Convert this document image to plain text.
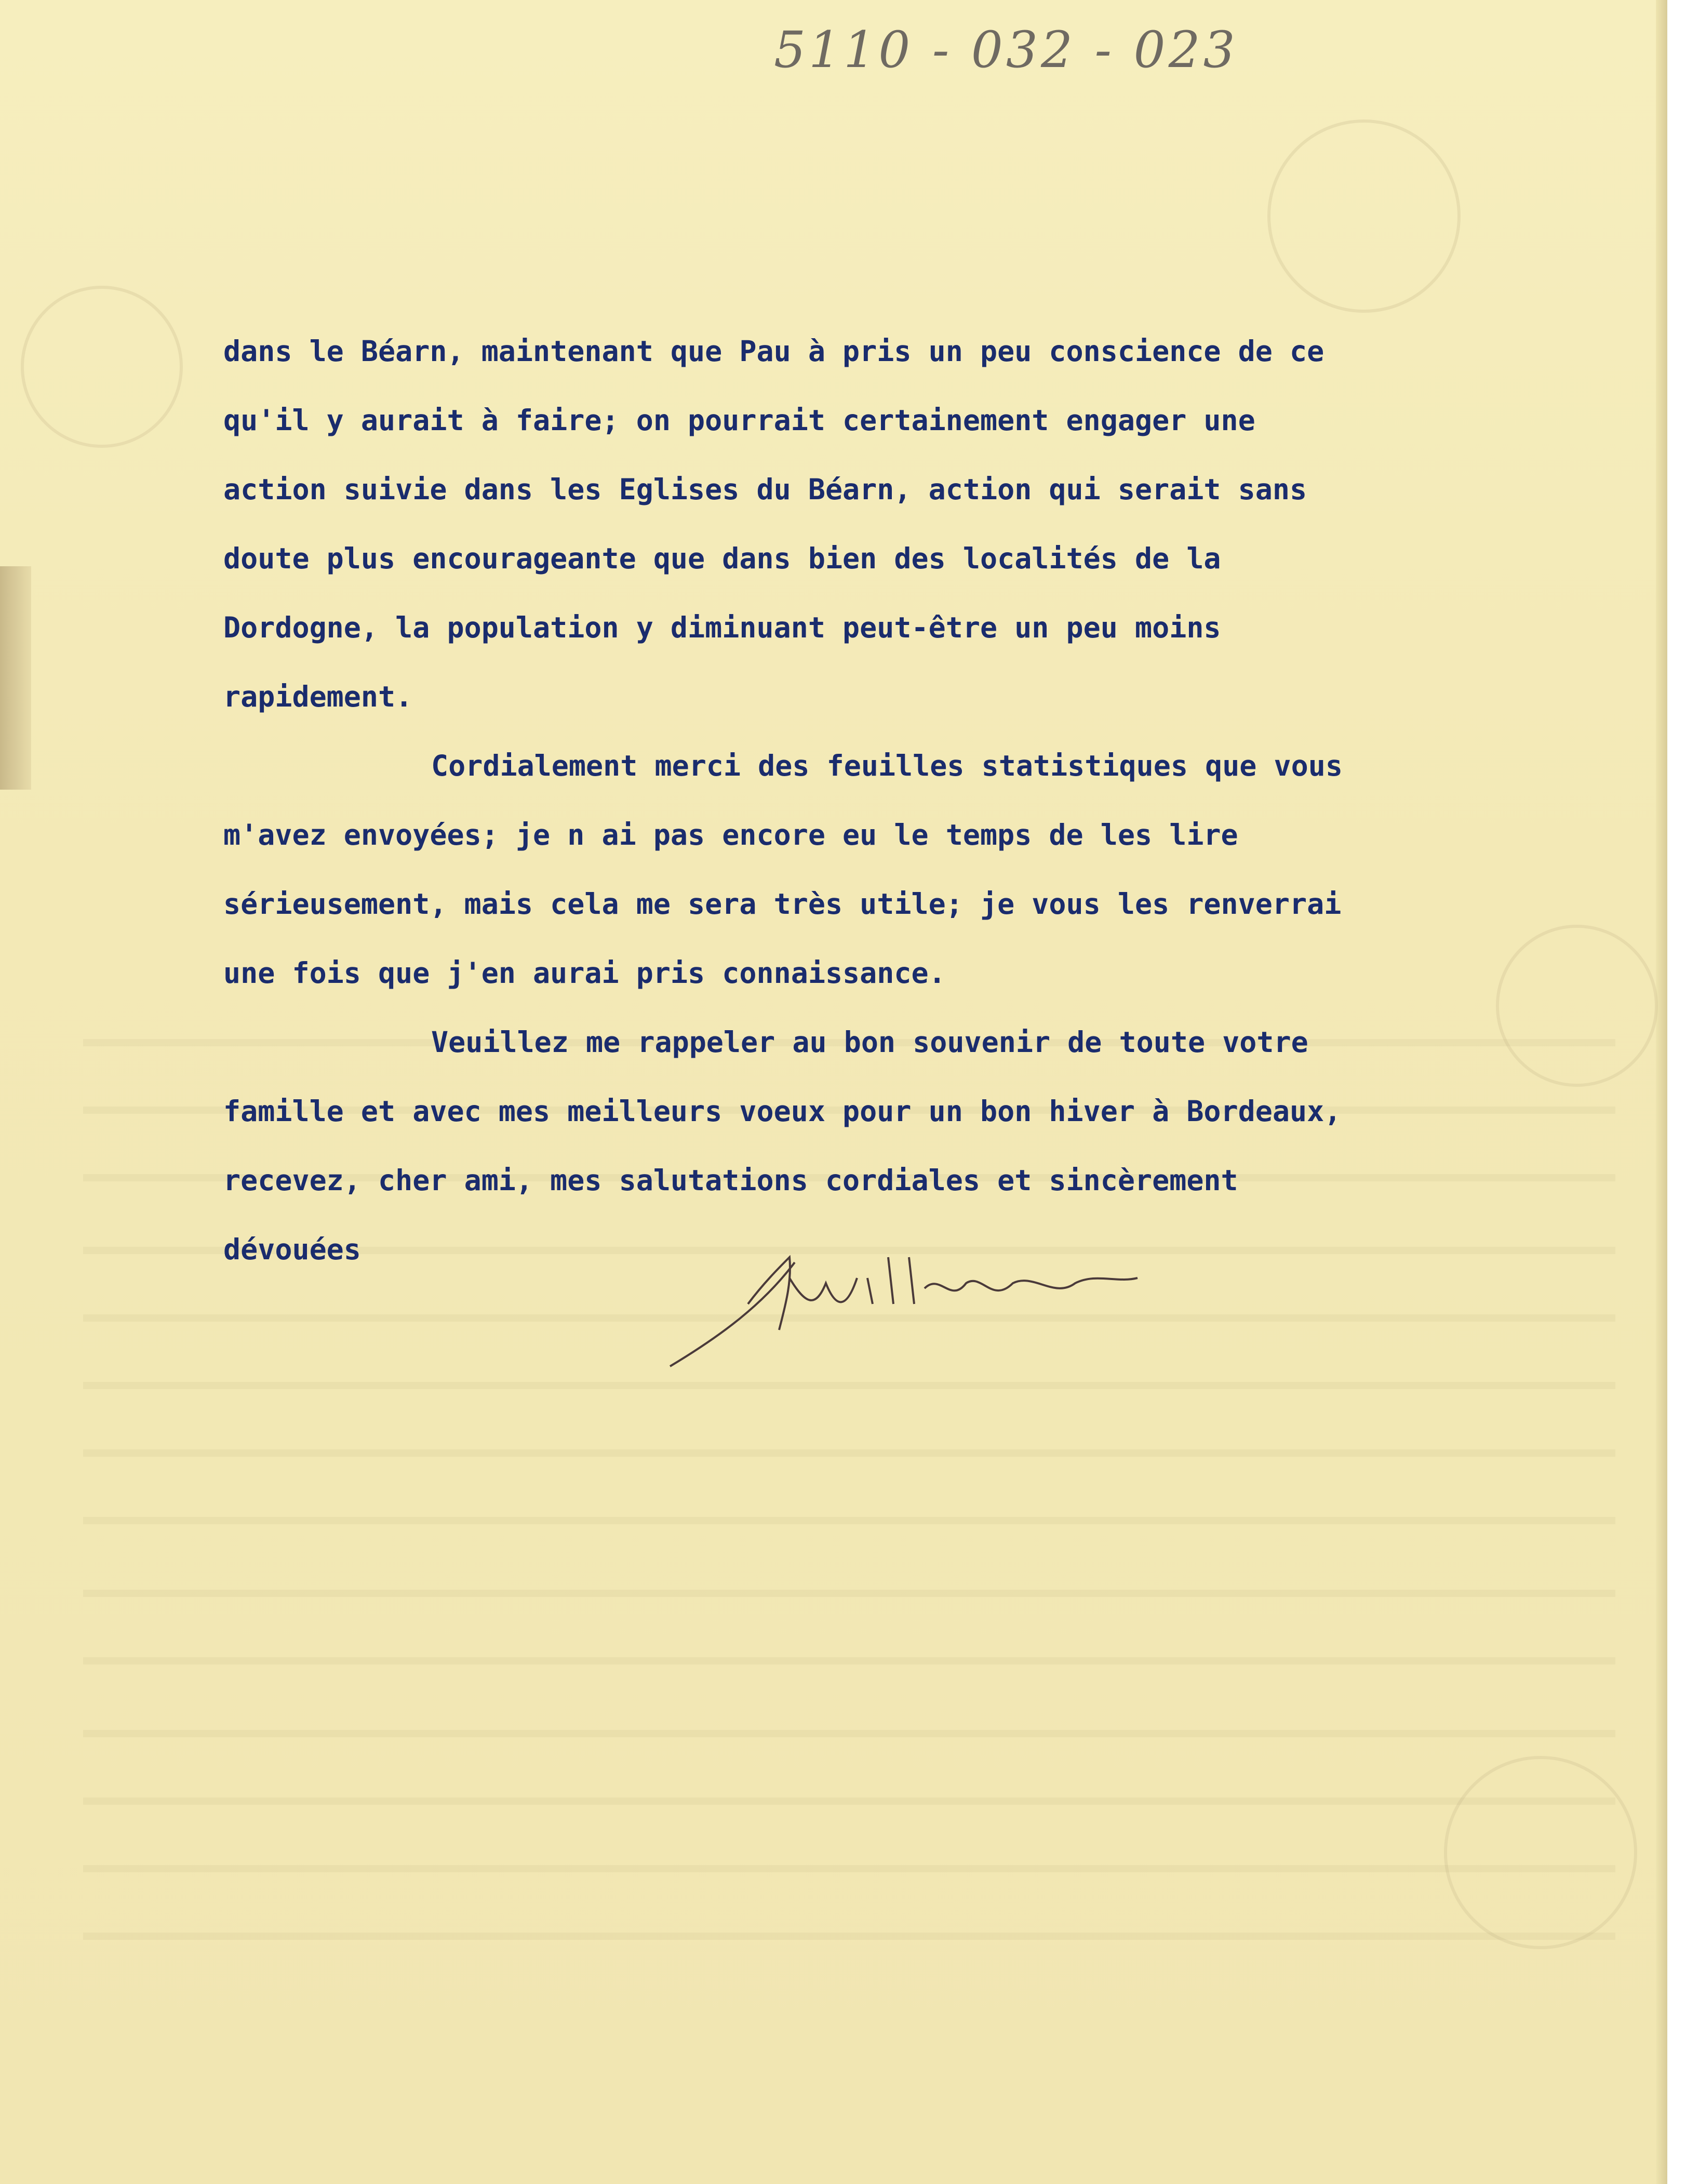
5110 - 032 - 023
dans le Béarn, maintenant que Pau à pris un peu conscience de ce
qu'il y aurait à faire; on pourrait certainement engager une
action suivie dans les Eglises du Béarn, action qui serait sans
doute plus encourageante que dans bien des localités de la
Dordogne, la population y diminuant peut-être un peu moins
rapidement.
Cordialement merci des feuilles statistiques que vous
m'avez envoyées; je n ai pas encore eu le temps de les lire
sérieusement, mais cela me sera très utile; je vous les renverrai
une fois que j'en aurai pris connaissance.
Veuillez me rappeler au bon souvenir de toute votre
famille et avec mes meilleurs voeux pour un bon hiver à Bordeaux,
recevez, cher ami, mes salutations cordiales et sincèrement
dévouées
